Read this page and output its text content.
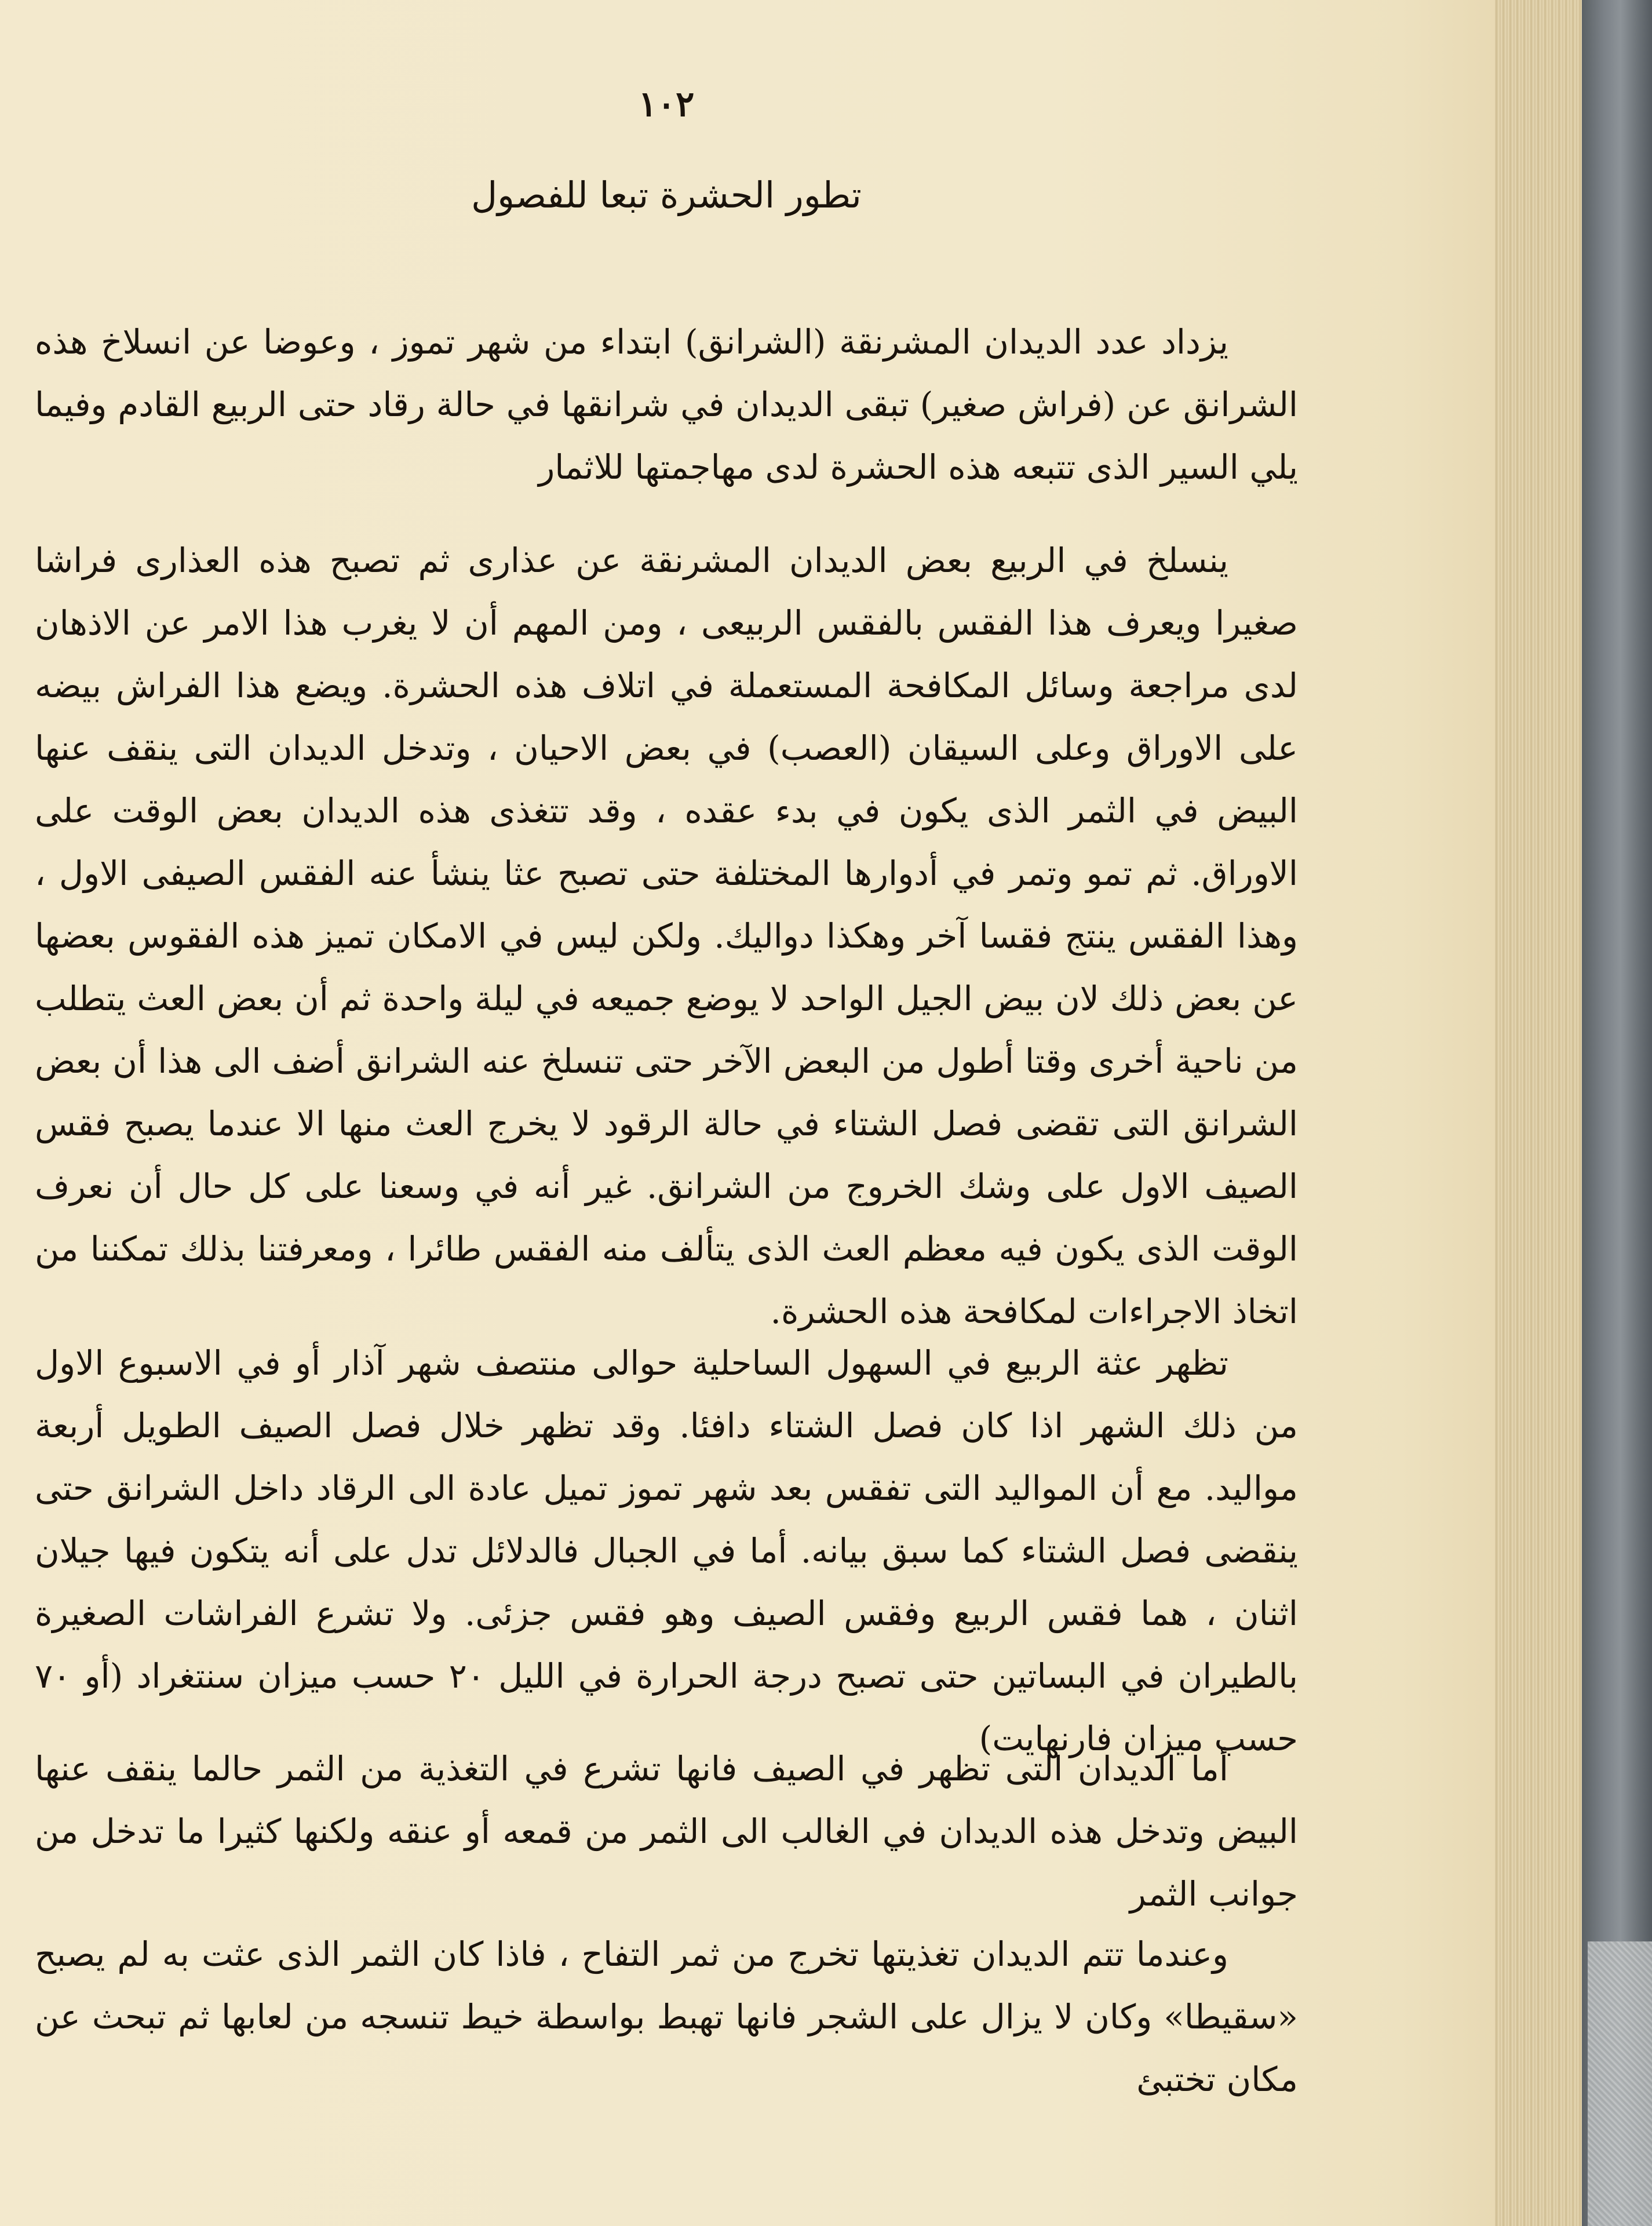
١٠٢
تطور الحشرة تبعا للفصول

يزداد عدد الديدان المشرنقة (الشرانق) ابتداء من شهر تموز ، وعوضا عن انسلاخ هذه الشرانق عن (فراش صغير) تبقى الديدان في شرانقها في حالة رقاد حتى الربيع القادم وفيما يلي السير الذى تتبعه هذه الحشرة لدى مهاجمتها للاثمار

ينسلخ في الربيع بعض الديدان المشرنقة عن عذارى ثم تصبح هذه العذارى فراشا صغيرا ويعرف هذا الفقس بالفقس الربيعى ، ومن المهم أن لا يغرب هذا الامر عن الاذهان لدى مراجعة وسائل المكافحة المستعملة في اتلاف هذه الحشرة. ويضع هذا الفراش بيضه على الاوراق وعلى السيقان (العصب) في بعض الاحيان ، وتدخل الديدان التى ينقف عنها البيض في الثمر الذى يكون في بدء عقده ، وقد تتغذى هذه الديدان بعض الوقت على الاوراق. ثم تمو وتمر في أدوارها المختلفة حتى تصبح عثا ينشأ عنه الفقس الصيفى الاول ، وهذا الفقس ينتج فقسا آخر وهكذا دواليك. ولكن ليس في الامكان تميز هذه الفقوس بعضها عن بعض ذلك لان بيض الجيل الواحد لا يوضع جميعه في ليلة واحدة ثم أن بعض العث يتطلب من ناحية أخرى وقتا أطول من البعض الآخر حتى تنسلخ عنه الشرانق أضف الى هذا أن بعض الشرانق التى تقضى فصل الشتاء في حالة الرقود لا يخرج العث منها الا عندما يصبح فقس الصيف الاول على وشك الخروج من الشرانق. غير أنه في وسعنا على كل حال أن نعرف الوقت الذى يكون فيه معظم العث الذى يتألف منه الفقس طائرا ، ومعرفتنا بذلك تمكننا من اتخاذ الاجراءات لمكافحة هذه الحشرة.

تظهر عثة الربيع في السهول الساحلية حوالى منتصف شهر آذار أو في الاسبوع الاول من ذلك الشهر اذا كان فصل الشتاء دافئا. وقد تظهر خلال فصل الصيف الطويل أربعة مواليد. مع أن المواليد التى تفقس بعد شهر تموز تميل عادة الى الرقاد داخل الشرانق حتى ينقضى فصل الشتاء كما سبق بيانه. أما في الجبال فالدلائل تدل على أنه يتكون فيها جيلان اثنان ، هما فقس الربيع وفقس الصيف وهو فقس جزئى. ولا تشرع الفراشات الصغيرة بالطيران في البساتين حتى تصبح درجة الحرارة في الليل ٢٠ حسب ميزان سنتغراد (أو ٧٠ حسب ميزان فارنهايت)

أما الديدان التى تظهر في الصيف فانها تشرع في التغذية من الثمر حالما ينقف عنها البيض وتدخل هذه الديدان في الغالب الى الثمر من قمعه أو عنقه ولكنها كثيرا ما تدخل من جوانب الثمر

وعندما تتم الديدان تغذيتها تخرج من ثمر التفاح ، فاذا كان الثمر الذى عثت به لم يصبح «سقيطا» وكان لا يزال على الشجر فانها تهبط بواسطة خيط تنسجه من لعابها ثم تبحث عن مكان تختبئ
